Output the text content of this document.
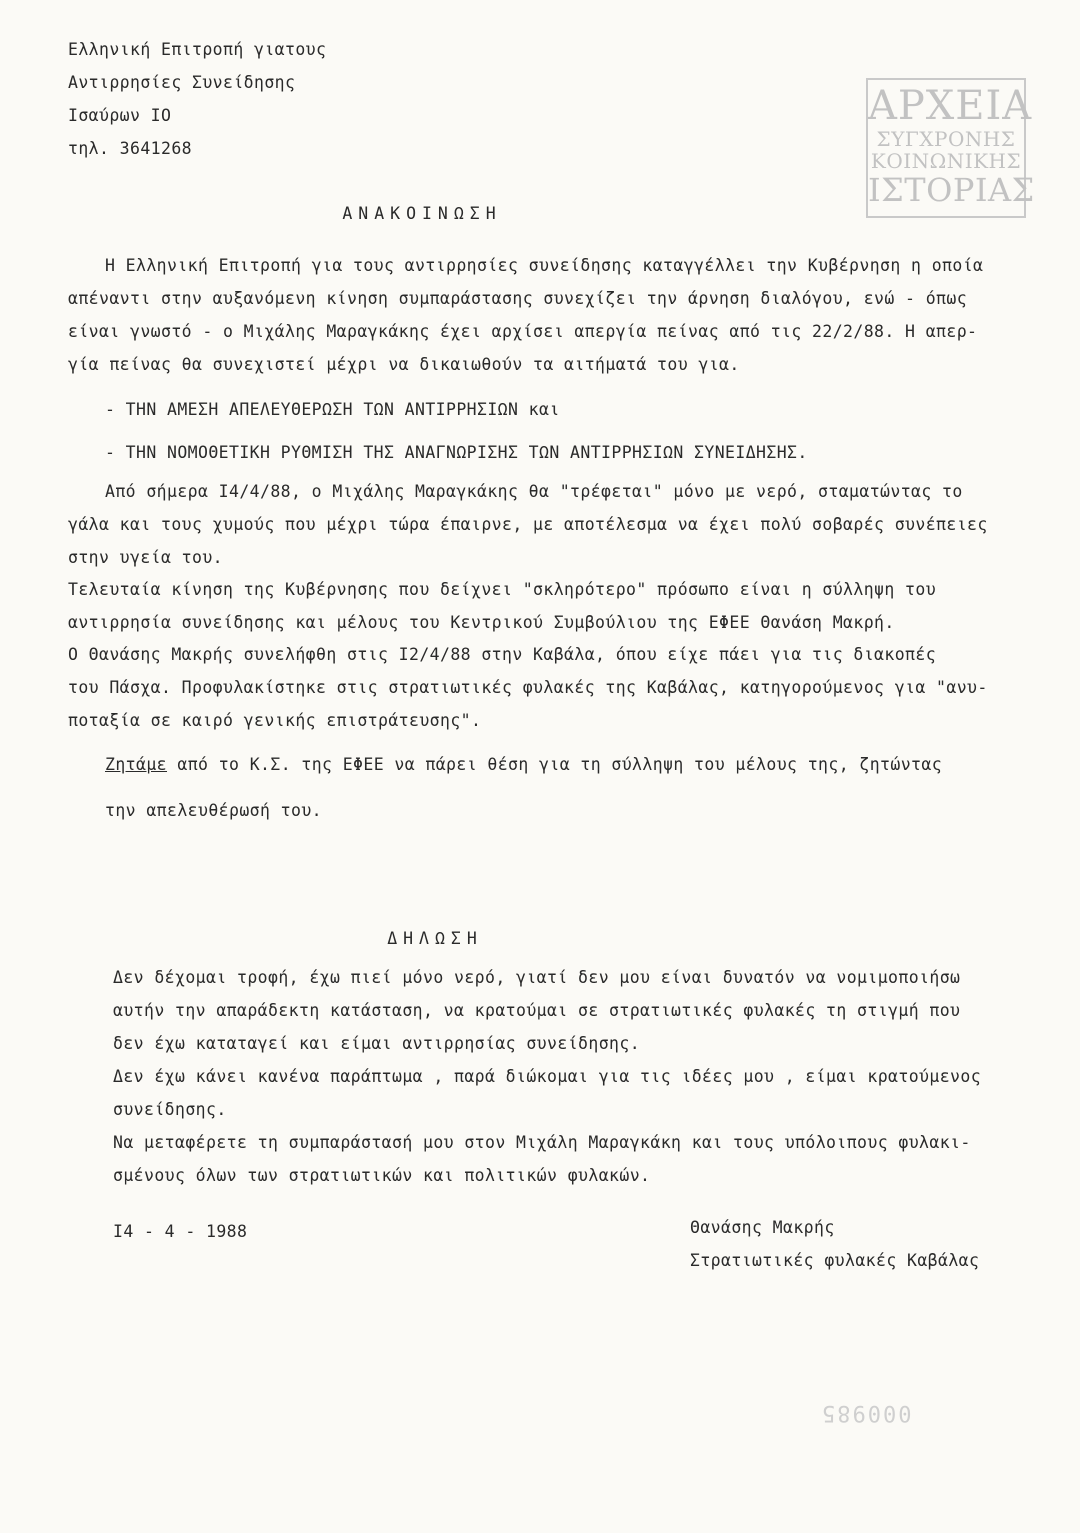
Ελληνική Επιτροπή γιατους
Αντιρρησίες Συνείδησης
Ισαύρων ΙΟ
τηλ. 3641268
ΑΡΧΕΙΑ
ΣΥΓΧΡΟΝΗΣ
ΚΟΙΝΩΝΙΚΗΣ
ΙΣΤΟΡΙΑΣ
ΑΝΑΚΟΙΝΩΣΗ
Η Ελληνική Επιτροπή για τους αντιρρησίες συνείδησης καταγγέλλει την Κυβέρνηση η οποία
απέναντι στην αυξανόμενη κίνηση συμπαράστασης συνεχίζει την άρνηση διαλόγου, ενώ - όπως
είναι γνωστό - ο Μιχάλης Μαραγκάκης έχει αρχίσει απεργία πείνας από τις 22/2/88. Η απερ-
γία πείνας θα συνεχιστεί μέχρι να δικαιωθούν τα αιτήματά του για.
- ΤΗΝ ΑΜΕΣΗ ΑΠΕΛΕΥΘΕΡΩΣΗ ΤΩΝ ΑΝΤΙΡΡΗΣΙΩΝ και
- ΤΗΝ ΝΟΜΟΘΕΤΙΚΗ ΡΥΘΜΙΣΗ ΤΗΣ ΑΝΑΓΝΩΡΙΣΗΣ ΤΩΝ ΑΝΤΙΡΡΗΣΙΩΝ ΣΥΝΕΙΔΗΣΗΣ.
Από σήμερα Ι4/4/88, ο Μιχάλης Μαραγκάκης θα "τρέφεται" μόνο με νερό, σταματώντας το
γάλα και τους χυμούς που μέχρι τώρα έπαιρνε, με αποτέλεσμα να έχει πολύ σοβαρές συνέπειες
στην υγεία του.
Τελευταία κίνηση της Κυβέρνησης που δείχνει "σκληρότερο" πρόσωπο είναι η σύλληψη του
αντιρρησία συνείδησης και μέλους του Κεντρικού Συμβούλιου της ΕΦΕΕ Θανάση Μακρή.
Ο Θανάσης Μακρής συνελήφθη στις Ι2/4/88 στην Καβάλα, όπου είχε πάει για τις διακοπές
του Πάσχα. Προφυλακίστηκε στις στρατιωτικές φυλακές της Καβάλας, κατηγορούμενος για "ανυ-
ποταξία σε καιρό γενικής επιστράτευσης".
Ζητάμε από το Κ.Σ. της ΕΦΕΕ να πάρει θέση για τη σύλληψη του μέλους της, ζητώντας
την απελευθέρωσή του.
ΔΗΛΩΣΗ
Δεν δέχομαι τροφή, έχω πιεί μόνο νερό, γιατί δεν μου είναι δυνατόν να νομιμοποιήσω
αυτήν την απαράδεκτη κατάσταση, να κρατούμαι σε στρατιωτικές φυλακές τη στιγμή που
δεν έχω καταταγεί και είμαι αντιρρησίας συνείδησης.
Δεν έχω κάνει κανένα παράπτωμα , παρά διώκομαι για τις ιδέες μου , είμαι κρατούμενος
συνείδησης.
Να μεταφέρετε τη συμπαράστασή μου στον Μιχάλη Μαραγκάκη και τους υπόλοιπους φυλακι-
σμένους όλων των στρατιωτικών και πολιτικών φυλακών.
Ι4 - 4 - 1988	Θανάσης Μακρής
Στρατιωτικές φυλακές Καβάλας
000985
